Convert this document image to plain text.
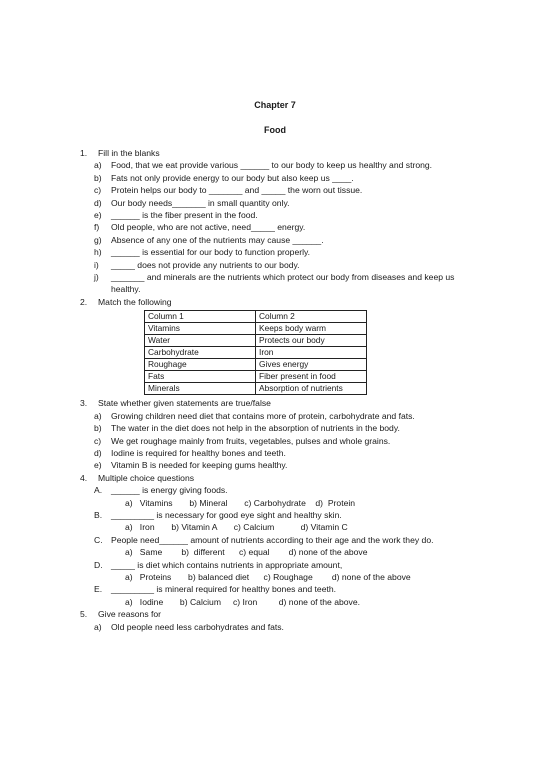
Chapter 7
Food
1. Fill in the blanks
a) Food, that we eat provide various ______ to our body to keep us healthy and strong.
b) Fats not only provide energy to our body but also keep us ____.
c) Protein helps our body to _______ and _____ the worn out tissue.
d) Our body needs_______ in small quantity only.
e) ______ is the fiber present in the food.
f) Old people, who are not active, need_____ energy.
g) Absence of any one of the nutrients may cause ______.
h) ______ is essential for our body to function properly.
i) _____ does not provide any nutrients to our body.
j) _______ and minerals are the nutrients which protect our body from diseases and keep us healthy.
2. Match the following
Column 1	Column 2
Vitamins	Keeps body warm
Water	Protects our body
Carbohydrate	Iron
Roughage	Gives energy
Fats	Fiber present in food
Minerals	Absorption of nutrients
3. State whether given statements are true/false
a) Growing children need diet that contains more of protein, carbohydrate and fats.
b) The water in the diet does not help in the absorption of nutrients in the body.
c) We get roughage mainly from fruits, vegetables, pulses and whole grains.
d) Iodine is required for healthy bones and teeth.
e) Vitamin B is needed for keeping gums healthy.
4. Multiple choice questions
A. ______ is energy giving foods.
a)   Vitamins       b) Mineral       c) Carbohydrate    d)  Protein
B. _________ is necessary for good eye sight and healthy skin.
a)   Iron       b) Vitamin A       c) Calcium           d) Vitamin C
C. People need______ amount of nutrients according to their age and the work they do.
a)   Same        b)  different      c) equal        d) none of the above
D. _____ is diet which contains nutrients in appropriate amount,
a)   Proteins       b) balanced diet      c) Roughage        d) none of the above
E. _________ is mineral required for healthy bones and teeth.
a)   Iodine       b) Calcium     c) Iron         d) none of the above.
5. Give reasons for
a) Old people need less carbohydrates and fats.
